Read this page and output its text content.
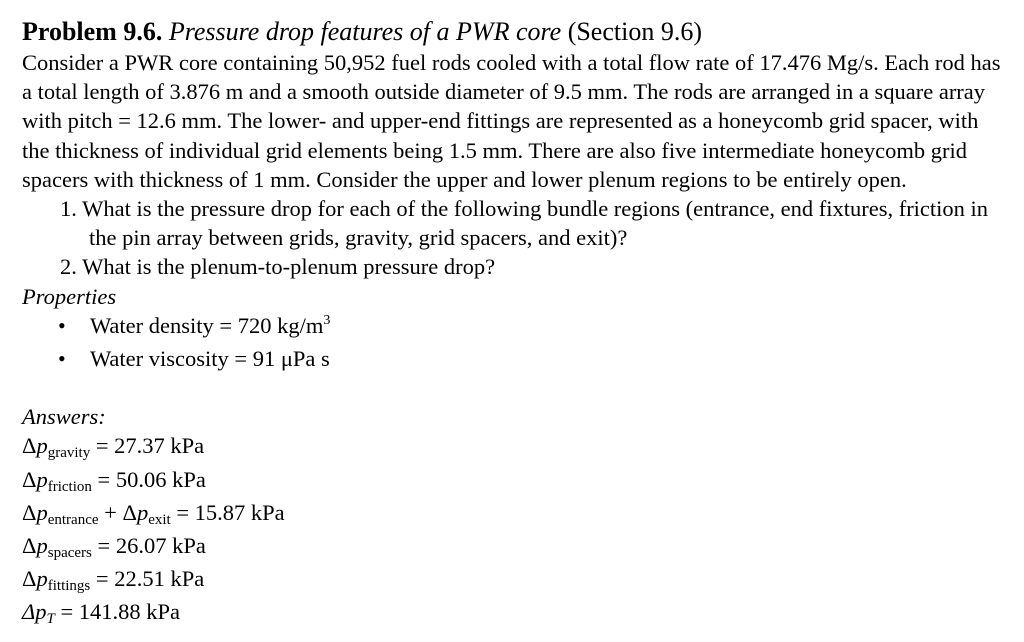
Problem 9.6. Pressure drop features of a PWR core (Section 9.6)

Consider a PWR core containing 50,952 fuel rods cooled with a total flow rate of 17.476 Mg/s. Each rod has a total length of 3.876 m and a smooth outside diameter of 9.5 mm. The rods are arranged in a square array with pitch = 12.6 mm. The lower- and upper-end fittings are represented as a honeycomb grid spacer, with the thickness of individual grid elements being 1.5 mm. There are also five intermediate honeycomb grid spacers with thickness of 1 mm. Consider the upper and lower plenum regions to be entirely open.

1. What is the pressure drop for each of the following bundle regions (entrance, end fixtures, friction in the pin array between grids, gravity, grid spacers, and exit)?
2. What is the plenum-to-plenum pressure drop?
Properties
• Water density = 720 $kg/m^3$
• Water viscosity = 91 μPa s
Answers:
Δpgravity = 27.37 kPa
Δpfriction = 50.06 kPa
Δpentrance + Δpexit = 15.87 kPa
Δpspacers = 26.07 kPa
Δpfittings = 22.51 kPa
ΔpT = 141.88 kPa
